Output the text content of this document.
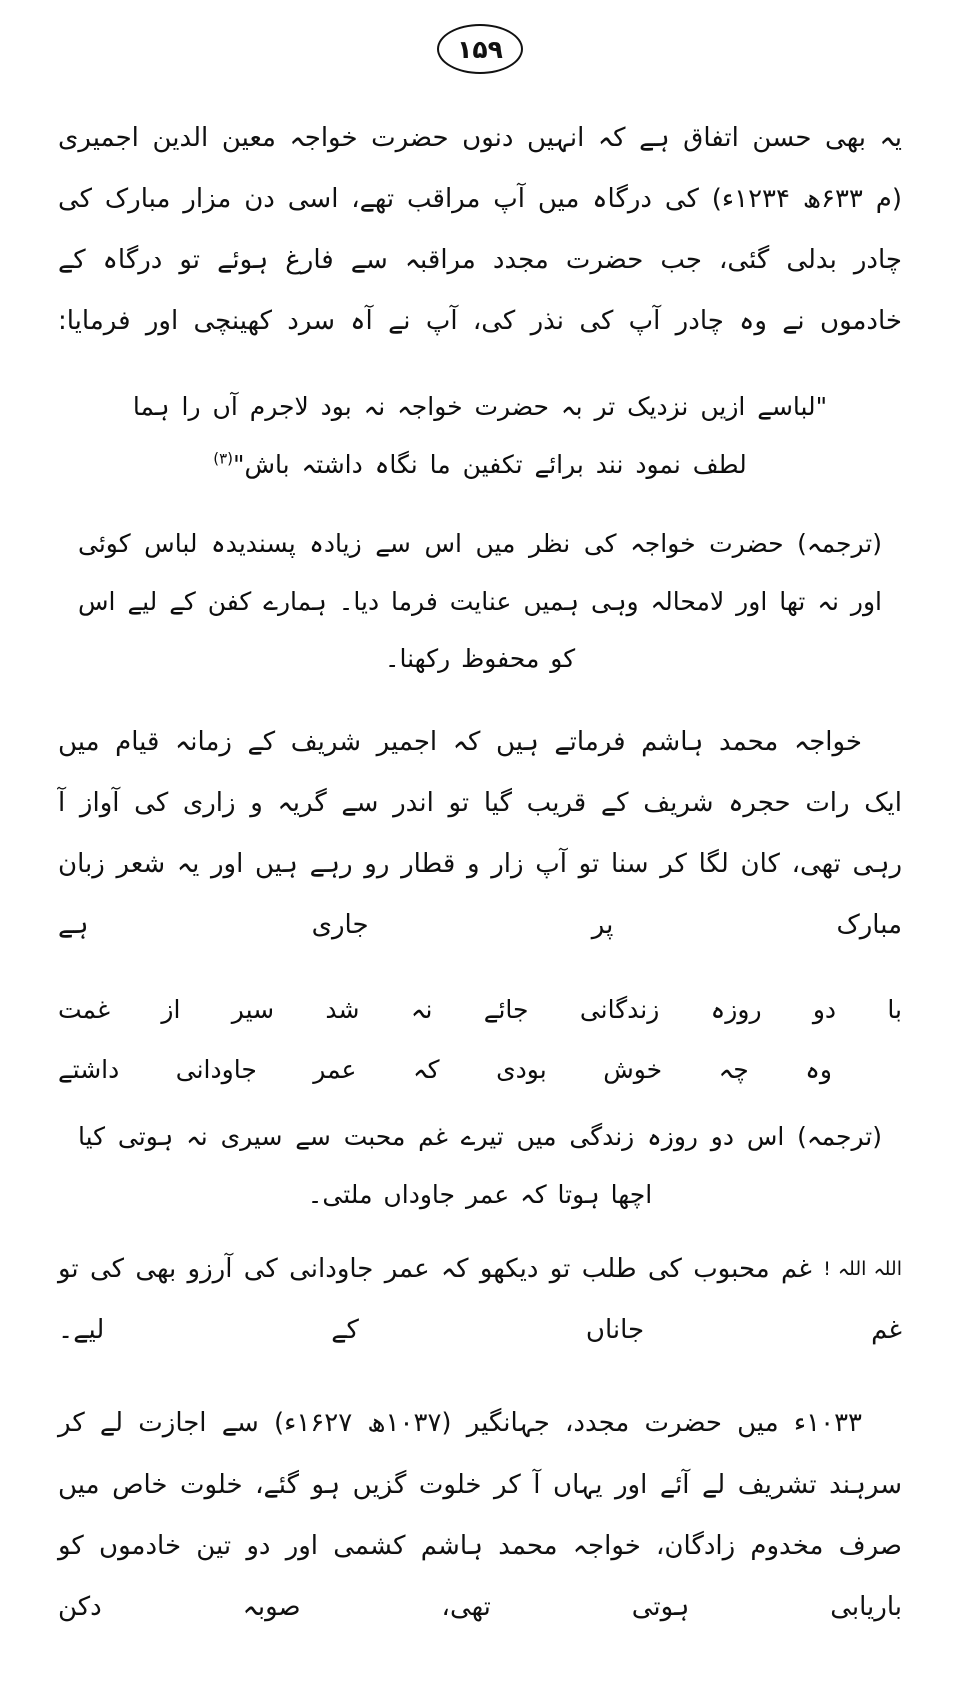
۱۵۹

یہ بھی حسن اتفاق ہے کہ انہیں دنوں حضرت خواجہ معین الدین اجمیری (م ۶۳۳ھ ۱۲۳۴ء) کی درگاہ میں آپ مراقب تھے، اسی دن مزار مبارک کی چادر بدلی گئی، جب حضرت مجدد مراقبہ سے فارغ ہوئے تو درگاہ کے خادموں نے وہ چادر آپ کی نذر کی، آپ نے آہ سرد کھینچی اور فرمایا:

"لباسے ازیں نزدیک تر بہ حضرت خواجہ نہ بود لاجرم آں را ہما
لطف نمود نند برائے تکفین ما نگاہ داشتہ باش"$^{(۳)}$

(ترجمہ) حضرت خواجہ کی نظر میں اس سے زیادہ پسندیدہ لباس کوئی اور نہ تھا اور لامحالہ وہی ہمیں عنایت فرما دیا۔ ہمارے کفن کے لیے اس کو محفوظ رکھنا۔

خواجہ محمد ہاشم فرماتے ہیں کہ اجمیر شریف کے زمانہ قیام میں ایک رات حجرہ شریف کے قریب گیا تو اندر سے گریہ و زاری کی آواز آ رہی تھی، کان لگا کر سنا تو آپ زار و قطار رو رہے ہیں اور یہ شعر زبان مبارک پر جاری ہے

با دو روزہ زندگانی جائے نہ شد سیر از غمت
وہ چہ خوش بودی کہ عمر جاودانی داشتے

(ترجمہ) اس دو روزہ زندگی میں تیرے غم محبت سے سیری نہ ہوتی کیا اچھا ہوتا کہ عمر جاوداں ملتی۔

اللہ اللہ ! غم محبوب کی طلب تو دیکھو کہ عمر جاودانی کی آرزو بھی کی تو غم جاناں کے لیے۔

۱۰۳۳ء میں حضرت مجدد، جہانگیر (۱۰۳۷ھ ۱۶۲۷ء) سے اجازت لے کر سرہند تشریف لے آئے اور یہاں آ کر خلوت گزیں ہو گئے، خلوت خاص میں صرف مخدوم زادگان، خواجہ محمد ہاشم کشمی اور دو تین خادموں کو باریابی ہوتی تھی، صوبہ دکن
